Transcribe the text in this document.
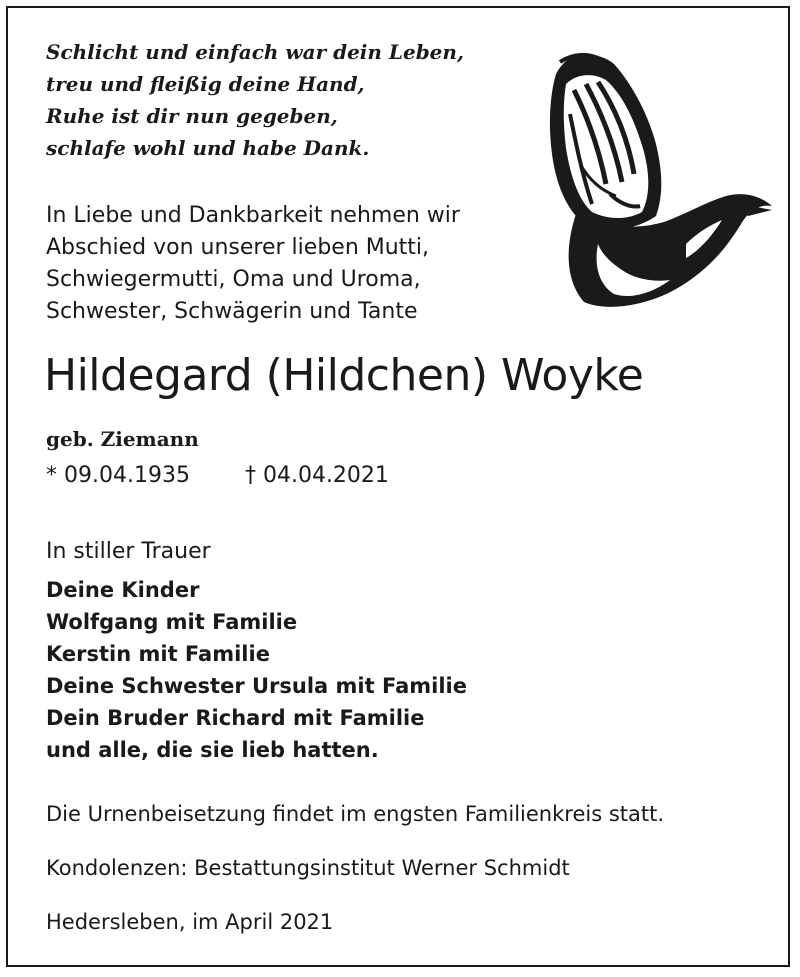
Schlicht und einfach war dein Leben,
treu und fleißig deine Hand,
Ruhe ist dir nun gegeben,
schlafe wohl und habe Dank.
In Liebe und Dankbarkeit nehmen wir
Abschied von unserer lieben Mutti,
Schwiegermutti, Oma und Uroma,
Schwester, Schwägerin und Tante
Hildegard (Hildchen) Woyke
geb. Ziemann
* 09.04.1935	† 04.04.2021
In stiller Trauer
Deine Kinder
Wolfgang mit Familie
Kerstin mit Familie
Deine Schwester Ursula mit Familie
Dein Bruder Richard mit Familie
und alle, die sie lieb hatten.
Die Urnenbeisetzung findet im engsten Familienkreis statt.
Kondolenzen: Bestattungsinstitut Werner Schmidt
Hedersleben, im April 2021
